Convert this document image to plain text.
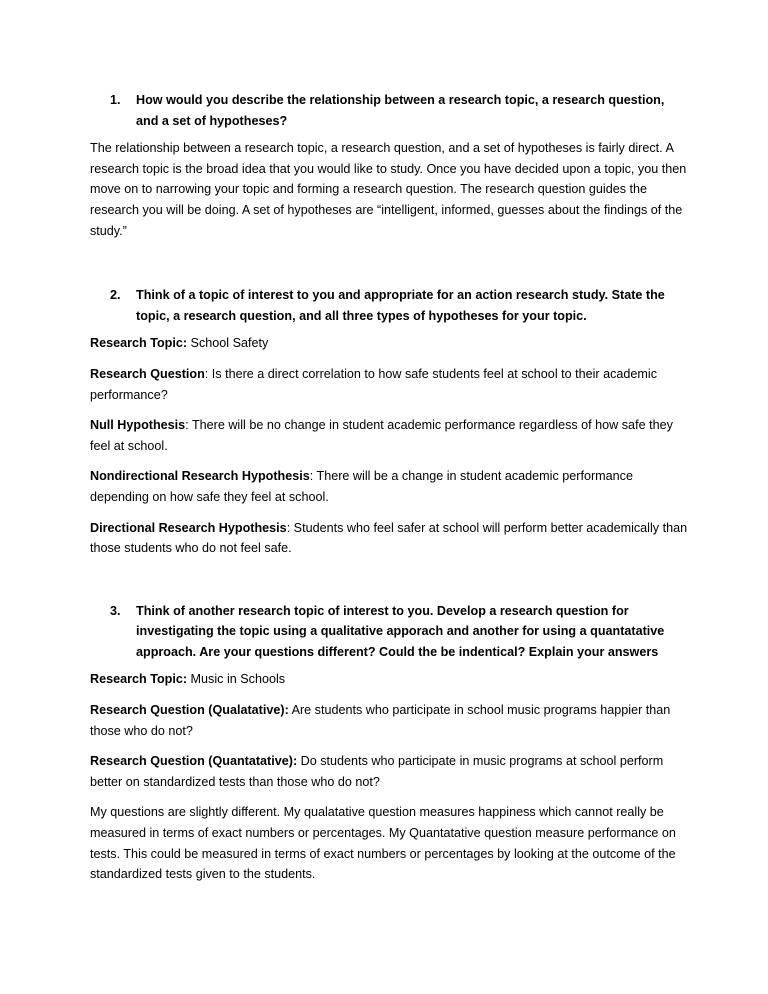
1.	How would you describe the relationship between a research topic, a research question, and a set of hypotheses?

The relationship between a research topic, a research question, and a set of hypotheses is fairly direct. A research topic is the broad idea that you would like to study. Once you have decided upon a topic, you then move on to narrowing your topic and forming a research question. The research question guides the research you will be doing. A set of hypotheses are “intelligent, informed, guesses about the findings of the study.”

2.	Think of a topic of interest to you and appropriate for an action research study. State the topic, a research question, and all three types of hypotheses for your topic.

Research Topic: School Safety

Research Question: Is there a direct correlation to how safe students feel at school to their academic performance?

Null Hypothesis: There will be no change in student academic performance regardless of how safe they feel at school.

Nondirectional Research Hypothesis: There will be a change in student academic performance depending on how safe they feel at school.

Directional Research Hypothesis: Students who feel safer at school will perform better academically than those students who do not feel safe.

3.	Think of another research topic of interest to you. Develop a research question for investigating the topic using a qualitative apporach and another for using a quantatative approach. Are your questions different? Could the be indentical? Explain your answers

Research Topic: Music in Schools

Research Question (Qualatative): Are students who participate in school music programs happier than those who do not?

Research Question (Quantatative): Do students who participate in music programs at school perform better on standardized tests than those who do not?

My questions are slightly different. My qualatative question measures happiness which cannot really be measured in terms of exact numbers or percentages. My Quantatative question measure performance on tests. This could be measured in terms of exact numbers or percentages by looking at the outcome of the standardized tests given to the students.
